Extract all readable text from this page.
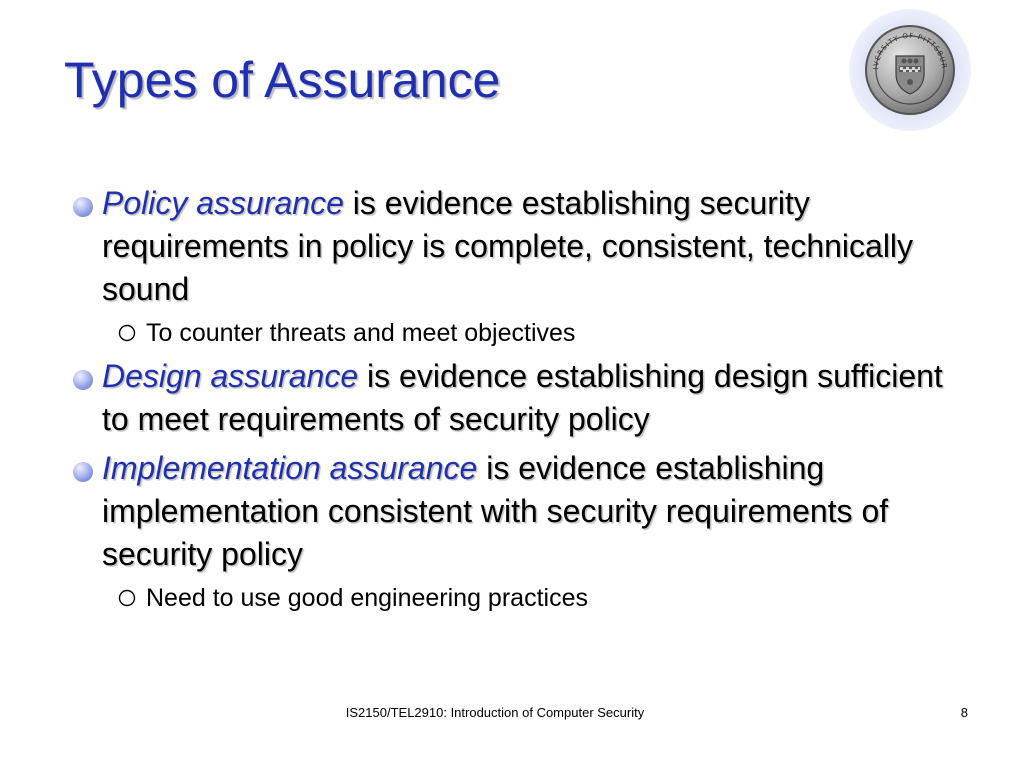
Types of Assurance	IVERSITY OF PITTSBUR
Policy assurance is evidence establishing security requirements in policy is complete, consistent, technically sound
To counter threats and meet objectives
Design assurance is evidence establishing design sufficient to meet requirements of security policy
Implementation assurance is evidence establishing implementation consistent with security requirements of security policy
Need to use good engineering practices
IS2150/TEL2910: Introduction of Computer Security	8
